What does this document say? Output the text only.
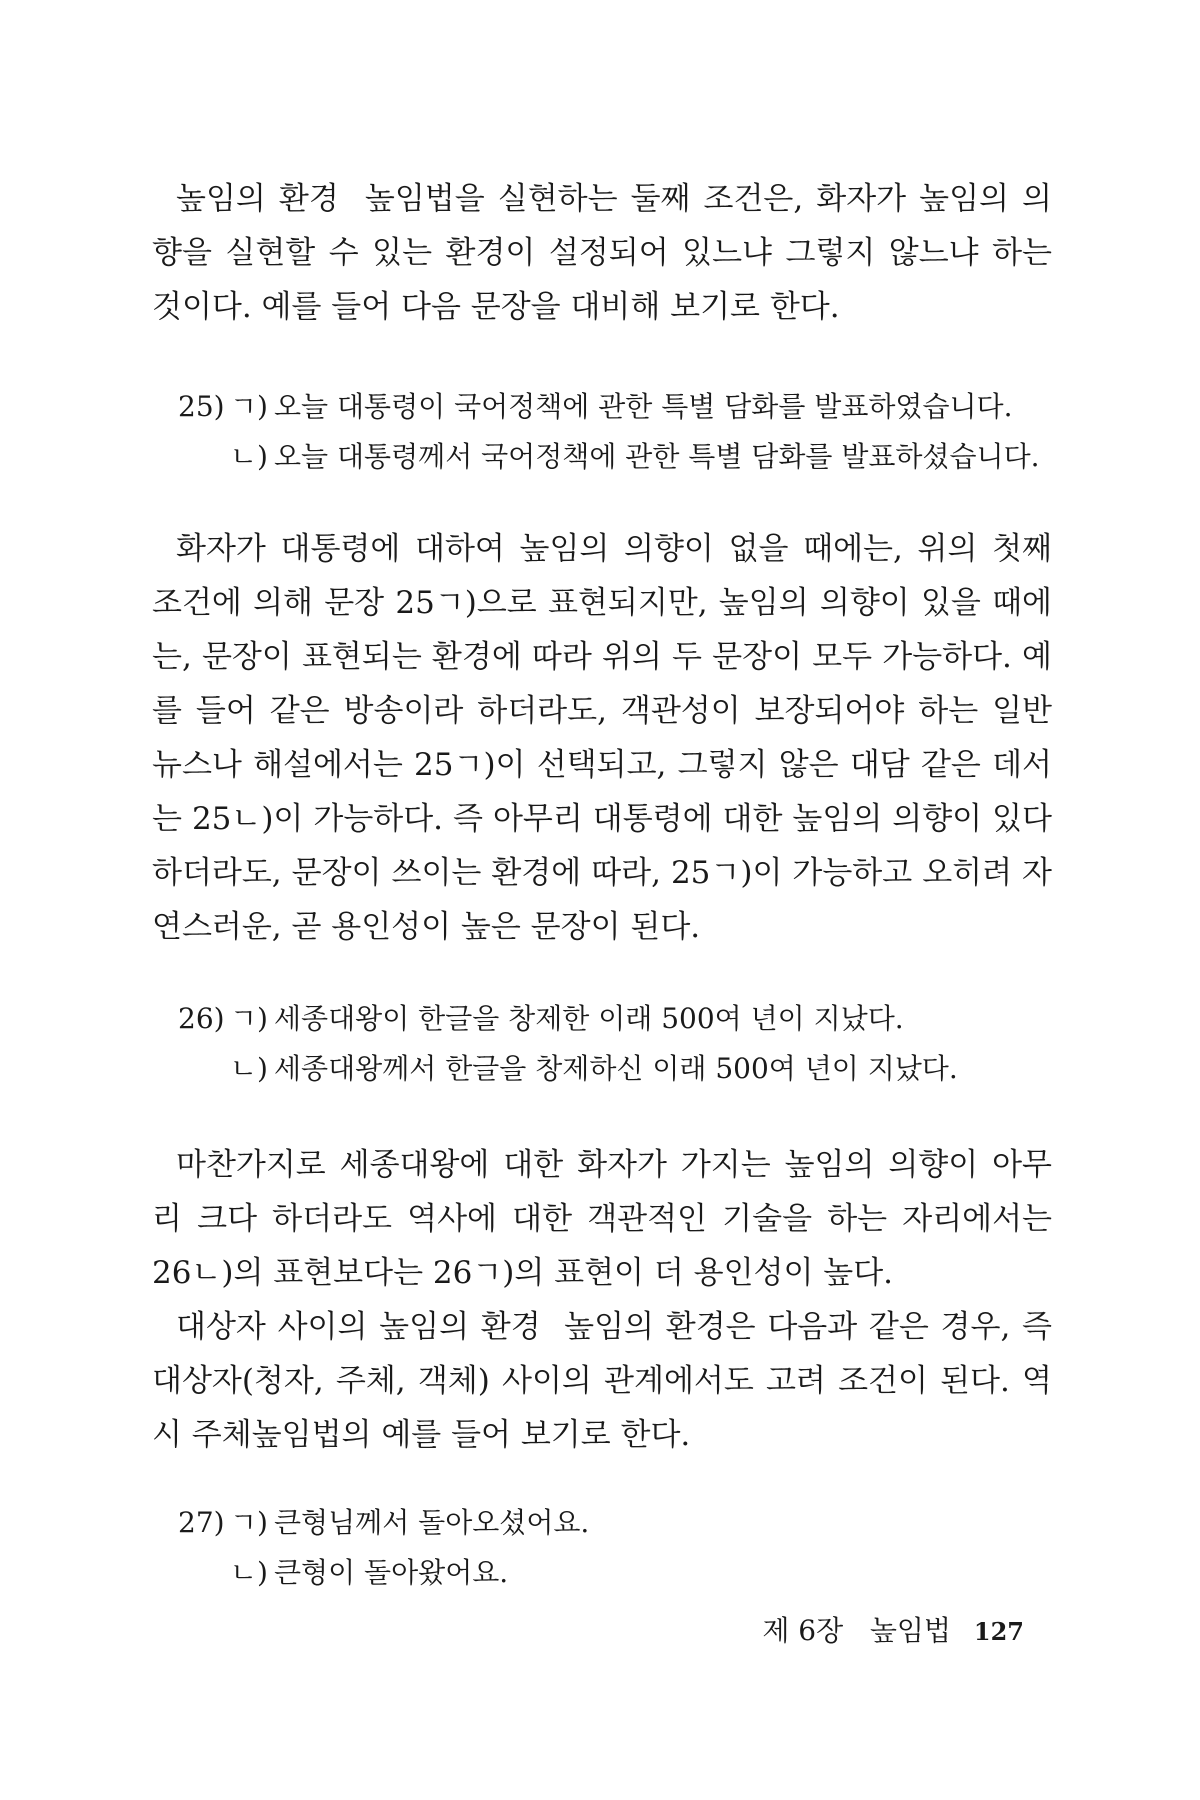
높임의 환경 높임법을 실현하는 둘째 조건은, 화자가 높임의 의향을 실현할 수 있는 환경이 설정되어 있느냐 그렇지 않느냐 하는 것이다. 예를 들어 다음 문장을 대비해 보기로 한다.

25) ㄱ) 오늘 대통령이 국어정책에 관한 특별 담화를 발표하였습니다.
ㄴ) 오늘 대통령께서 국어정책에 관한 특별 담화를 발표하셨습니다.

화자가 대통령에 대하여 높임의 의향이 없을 때에는, 위의 첫째 조건에 의해 문장 25ㄱ)으로 표현되지만, 높임의 의향이 있을 때에는, 문장이 표현되는 환경에 따라 위의 두 문장이 모두 가능하다. 예를 들어 같은 방송이라 하더라도, 객관성이 보장되어야 하는 일반 뉴스나 해설에서는 25ㄱ)이 선택되고, 그렇지 않은 대담 같은 데서는 25ㄴ)이 가능하다. 즉 아무리 대통령에 대한 높임의 의향이 있다 하더라도, 문장이 쓰이는 환경에 따라, 25ㄱ)이 가능하고 오히려 자연스러운, 곧 용인성이 높은 문장이 된다.

26) ㄱ) 세종대왕이 한글을 창제한 이래 500여 년이 지났다.
ㄴ) 세종대왕께서 한글을 창제하신 이래 500여 년이 지났다.

마찬가지로 세종대왕에 대한 화자가 가지는 높임의 의향이 아무리 크다 하더라도 역사에 대한 객관적인 기술을 하는 자리에서는 26ㄴ)의 표현보다는 26ㄱ)의 표현이 더 용인성이 높다.

대상자 사이의 높임의 환경 높임의 환경은 다음과 같은 경우, 즉 대상자(청자, 주체, 객체) 사이의 관계에서도 고려 조건이 된다. 역시 주체높임법의 예를 들어 보기로 한다.

27) ㄱ) 큰형님께서 돌아오셨어요.
ㄴ) 큰형이 돌아왔어요.
제 6장 높임법 127
